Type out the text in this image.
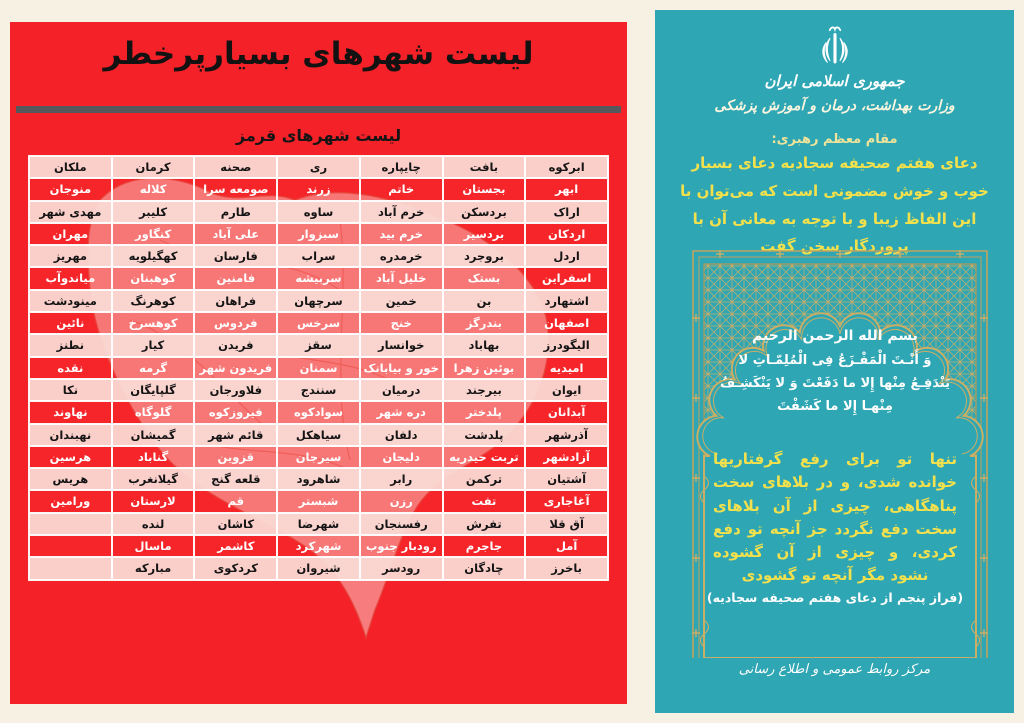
لیست شهرهای بسیارپرخطر
لیست شهرهای قرمز
ابرکوه
بافت
چایپاره
ری
صحنه
کرمان
ملکان
ابهر
بجستان
خاتم
زرند
صومعه سرا
کلاله
منوجان
اراک
بردسکن
خرم آباد
ساوه
طارم
کلیبر
مهدی شهر
اردکان
بردسیر
خرم بید
سبزوار
علی آباد
کنگاور
مهران
اردل
بروجرد
خرمدره
سراب
فارسان
کهگیلویه
مهریز
اسفراین
بستک
خلیل آباد
سربیشه
فامنین
کوهبنان
میاندوآب
اشتهارد
بن
خمین
سرچهان
فراهان
کوهرنگ
مینودشت
اصفهان
بندرگز
خنج
سرخس
فردوس
کوهسرخ
نائین
الیگودرز
بهاباد
خوانسار
سقز
فریدن
کیار
نطنز
امیدیه
بوئین زهرا
خور و بیابانک
سمنان
فریدون شهر
گرمه
نقده
ایوان
بیرجند
درمیان
سنندج
فلاورجان
گلپایگان
نکا
آبدانان
پلدختر
دره شهر
سوادکوه
فیروزکوه
گلوگاه
نهاوند
آذرشهر
پلدشت
دلفان
سیاهکل
قائم شهر
گمیشان
نهبندان
آزادشهر
تربت حیدریه
دلیجان
سیرجان
قزوین
گناباد
هرسین
آشتیان
ترکمن
رابر
شاهرود
قلعه گنج
گیلانغرب
هریس
آغاجاری
تفت
رزن
شبستر
قم
لارستان
ورامین
آق قلا
تفرش
رفسنجان
شهرضا
کاشان
لنده
آمل
جاجرم
رودبار جنوب
شهرکرد
کاشمر
ماسال
باخرز
چادگان
رودسر
شیروان
کردکوی
مبارکه
جمهوری اسلامی ایران
وزارت بهداشت، درمان و آموزش پزشکی
مقام معظم رهبری:
دعای هفتم صحیفه سجادیه دعای بسیار خوب و خوش مضمونی است که می‌توان با این الفاظ زیبا و با توجه به معانی آن با پروردگار سخن گفت
بسم الله الرحمن الرحیم
وَ أَنْـتَ الْمَفْـزَعُ فِی الْمُلِمّـاتِ لا یَنْدَفِـعُ مِنْها إِلا ما دَفَعْتَ وَ لا یَنْکَشِـفُ مِنْهـا إِلا ما کَشَفْتَ
تنها تو برای رفع گرفتاریها خوانده شدی، و در بلاهای سخت پناهگاهی، چیزی از آن بلاهای سخت دفع نگردد جز آنچه تو دفع کردی، و چیزی از آن گشوده نشود مگر آنچه تو گشودی
(فراز پنجم از دعای هفتم صحیفه سجادیه)
مرکز روابط عمومی و اطلاع رسانی
